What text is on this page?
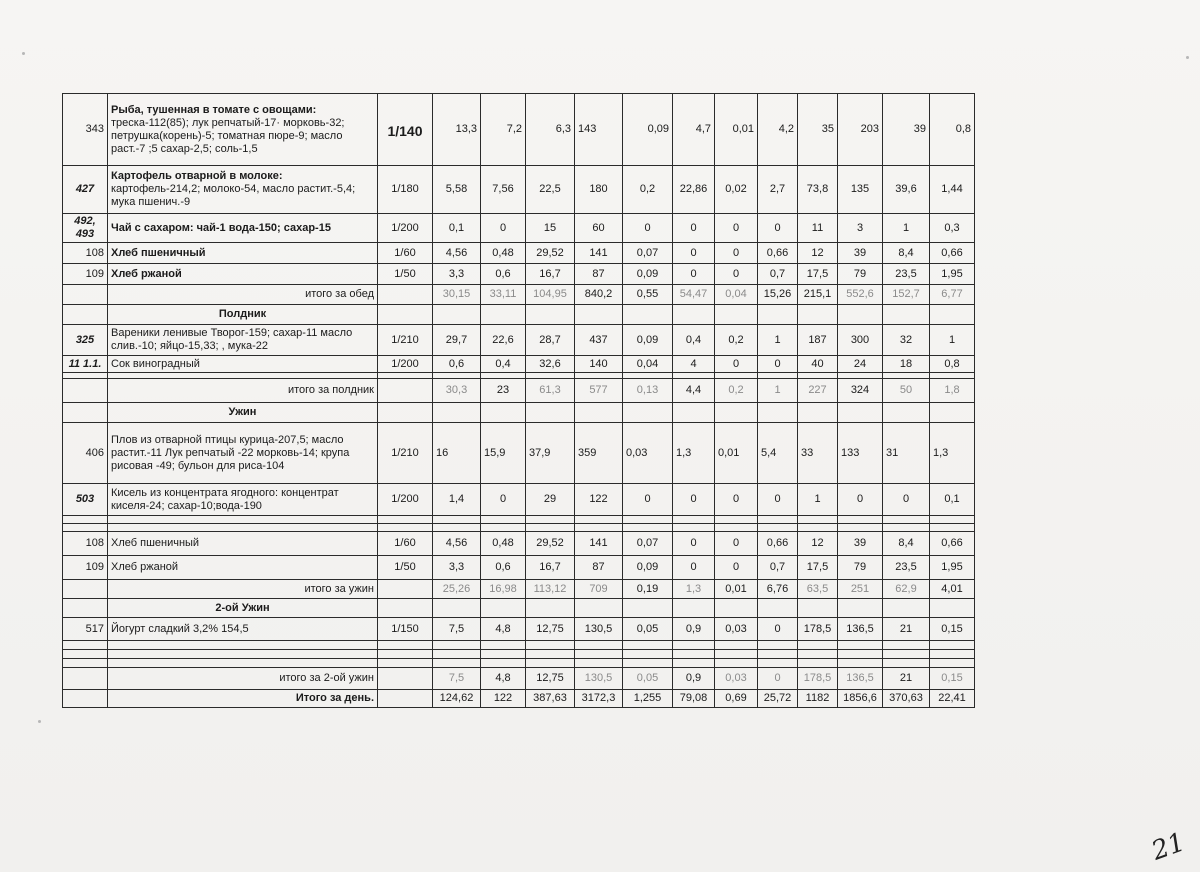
343	Рыба, тушенная в томате с овощами: треска-112(85); лук репчатый-17· морковь-32; петрушка(корень)-5; томатная пюре-9; масло раст.-7 ;5 сахар-2,5; соль-1,5	1/140	13,3	7,2	6,3	143	0,09	4,7	0,01	4,2	35	203	39	0,8
427	Картофель отварной в молоке: картофель-214,2; молоко-54, масло растит.-5,4; мука пшенич.-9	1/180	5,58	7,56	22,5	180	0,2	22,86	0,02	2,7	73,8	135	39,6	1,44
492, 493	Чай с сахаром: чай-1 вода-150; сахар-15	1/200	0,1	0	15	60	0	0	0	0	11	3	1	0,3
108	Хлеб пшеничный	1/60	4,56	0,48	29,52	141	0,07	0	0	0,66	12	39	8,4	0,66
109	Хлеб ржаной	1/50	3,3	0,6	16,7	87	0,09	0	0	0,7	17,5	79	23,5	1,95
	итого за обед		30,15	33,11	104,95	840,2	0,55	54,47	0,04	15,26	215,1	552,6	152,7	6,77
	Полдник													
325	Вареники ленивые Творог-159; сахар-11 масло слив.-10; яйцо-15,33; , мука-22	1/210	29,7	22,6	28,7	437	0,09	0,4	0,2	1	187	300	32	1
11 1.1.	Сок виноградный	1/200	0,6	0,4	32,6	140	0,04	4	0	0	40	24	18	0,8

	итого за полдник		30,3	23	61,3	577	0,13	4,4	0,2	1	227	324	50	1,8
	Ужин													
406	Плов из отварной птицы курица-207,5; масло растит.-11 Лук репчатый -22 морковь-14; крупа рисовая -49; бульон для риса-104	1/210	16	15,9	37,9	359	0,03	1,3	0,01	5,4	33	133	31	1,3
503	Кисель из концентрата ягодного: концентрат киселя-24; сахар-10;вода-190	1/200	1,4	0	29	122	0	0	0	0	1	0	0	0,1

108	Хлеб пшеничный	1/60	4,56	0,48	29,52	141	0,07	0	0	0,66	12	39	8,4	0,66
109	Хлеб ржаной	1/50	3,3	0,6	16,7	87	0,09	0	0	0,7	17,5	79	23,5	1,95
	итого за ужин		25,26	16,98	113,12	709	0,19	1,3	0,01	6,76	63,5	251	62,9	4,01
	2-ой Ужин													
517	Йогурт сладкий 3,2% 154,5	1/150	7,5	4,8	12,75	130,5	0,05	0,9	0,03	0	178,5	136,5	21	0,15

	итого за 2-ой ужин		7,5	4,8	12,75	130,5	0,05	0,9	0,03	0	178,5	136,5	21	0,15
	Итого за день.		124,62	122	387,63	3172,3	1,255	79,08	0,69	25,72	1182	1856,6	370,63	22,41
21
